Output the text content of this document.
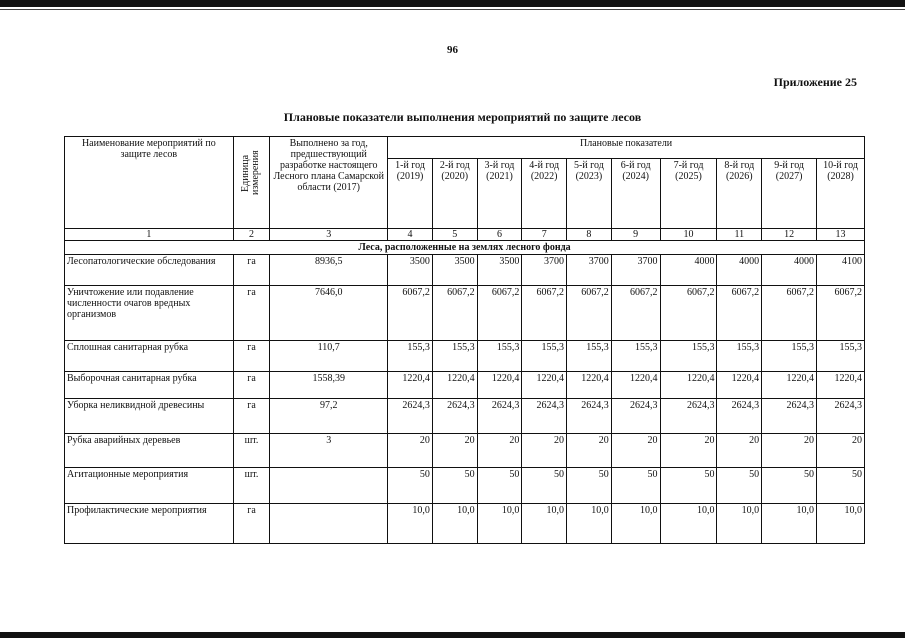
96
Приложение 25
Плановые показатели выполнения мероприятий по защите лесов
Наименование мероприятий по защите лесов	Единица измерения	Выполнено за год, предшествующий разработке настоящего Лесного плана Самарской области (2017)	Плановые показатели									
			1-й год (2019)	2-й год (2020)	3-й год (2021)	4-й год (2022)	5-й год (2023)	6-й год (2024)	7-й год (2025)	8-й год (2026)	9-й год (2027)	10-й год (2028)
1	2	3	4	5	6	7	8	9	10	11	12	13
Леса, расположенные на землях лесного фонда												
Лесопатологические обследования	га	8936,5	3500	3500	3500	3700	3700	3700	4000	4000	4000	4100
Уничтожение или подавление численности очагов вредных организмов	га	7646,0	6067,2	6067,2	6067,2	6067,2	6067,2	6067,2	6067,2	6067,2	6067,2	6067,2
Сплошная санитарная рубка	га	110,7	155,3	155,3	155,3	155,3	155,3	155,3	155,3	155,3	155,3	155,3
Выборочная санитарная рубка	га	1558,39	1220,4	1220,4	1220,4	1220,4	1220,4	1220,4	1220,4	1220,4	1220,4	1220,4
Уборка неликвидной древесины	га	97,2	2624,3	2624,3	2624,3	2624,3	2624,3	2624,3	2624,3	2624,3	2624,3	2624,3
Рубка аварийных деревьев	шт.	3	20	20	20	20	20	20	20	20	20	20
Агитационные мероприятия	шт.		50	50	50	50	50	50	50	50	50	50
Профилактические мероприятия	га		10,0	10,0	10,0	10,0	10,0	10,0	10,0	10,0	10,0	10,0
